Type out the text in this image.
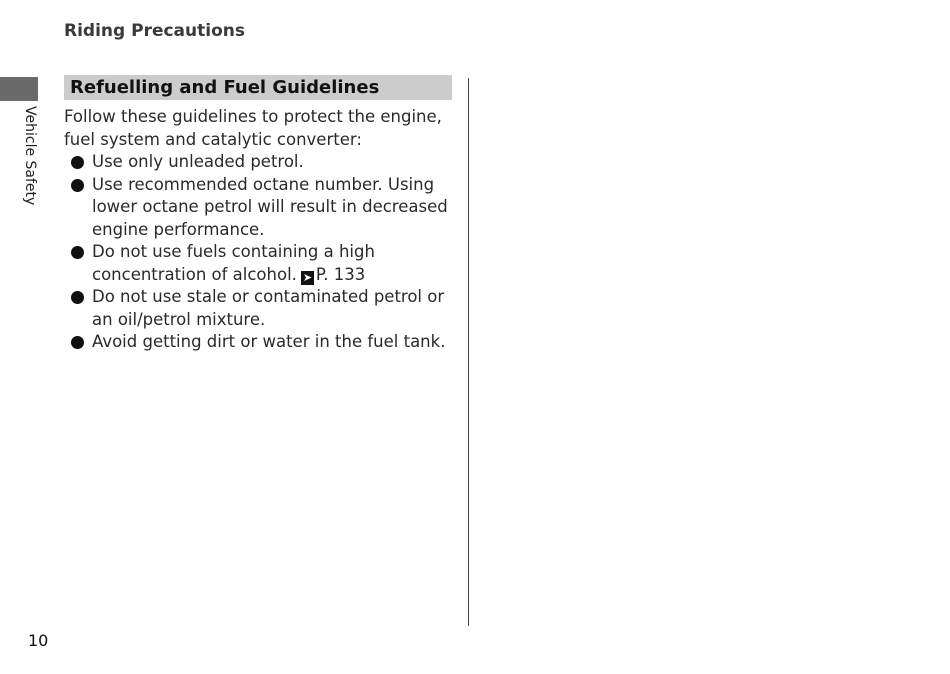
Riding Precautions
Vehicle Safety
Refuelling and Fuel Guidelines
Follow these guidelines to protect the engine, fuel system and catalytic converter:
Use only unleaded petrol.
Use recommended octane number. Using lower octane petrol will result in decreased engine performance.
Do not use fuels containing a high concentration of alcohol. ➤ P. 133
Do not use stale or contaminated petrol or an oil/petrol mixture.
Avoid getting dirt or water in the fuel tank.
10
